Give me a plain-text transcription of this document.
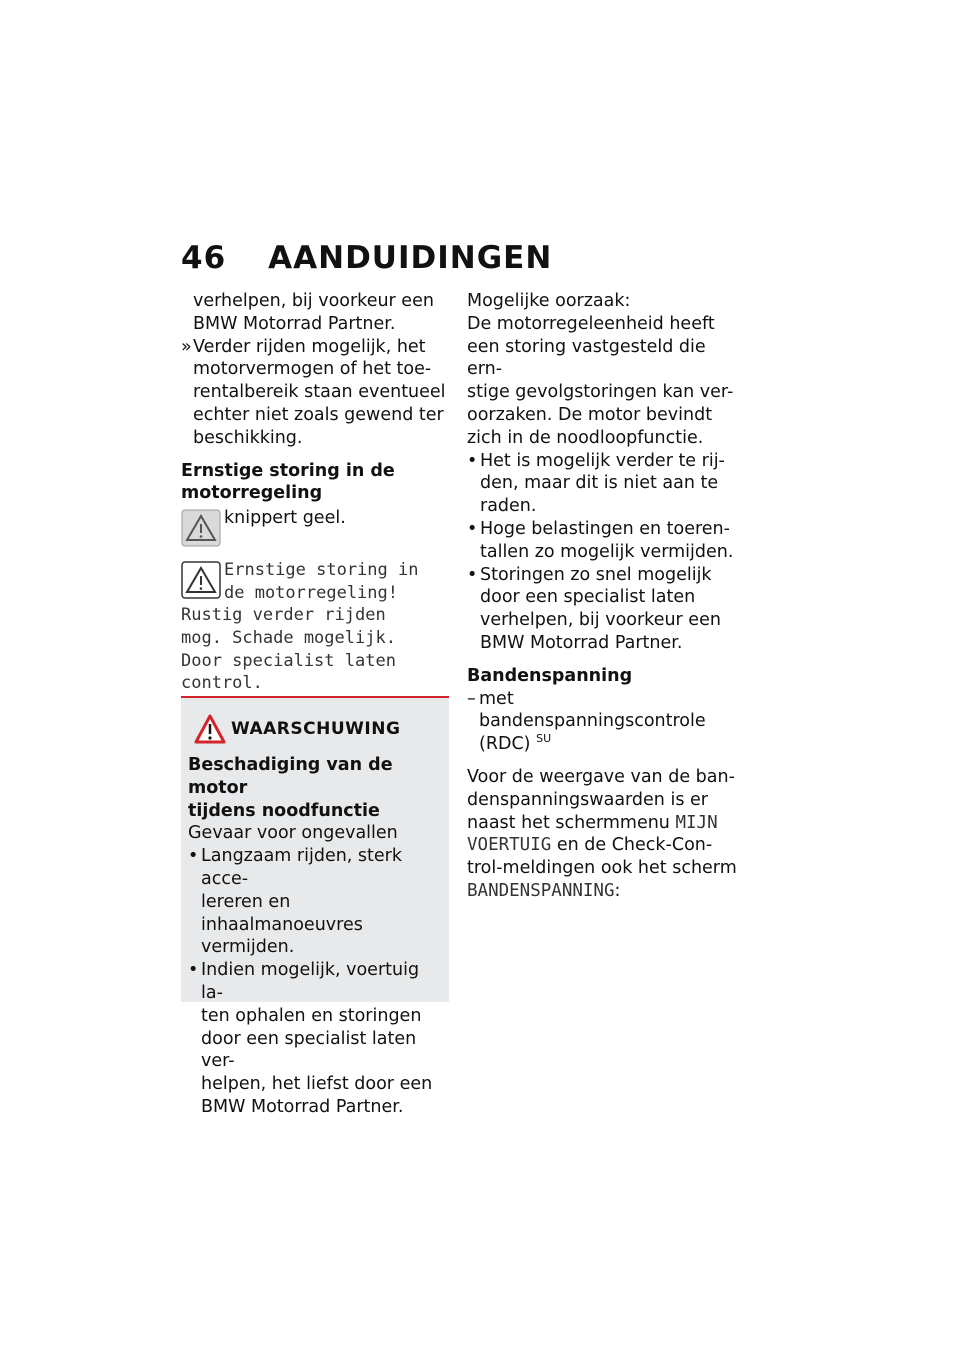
46 AANDUIDINGEN
verhelpen, bij voorkeur een
BMW Motorrad Partner.
» Verder rijden mogelijk, het
motorvermogen of het toe-
rentalbereik staan eventueel
echter niet zoals gewend ter
beschikking.
Ernstige storing in de
motorregeling
knippert geel.
Ernstige storing in
de motorregeling!
Rustig verder rijden
mog. Schade mogelijk.
Door specialist laten
control.
WAARSCHUWING
Beschadiging van de motor
tijdens noodfunctie
Gevaar voor ongevallen
• Langzaam rijden, sterk acce-
lereren en inhaalmanoeuvres
vermijden.
• Indien mogelijk, voertuig la-
ten ophalen en storingen
door een specialist laten ver-
helpen, het liefst door een
BMW Motorrad Partner.
Mogelijke oorzaak:
De motorregeleenheid heeft
een storing vastgesteld die ern-
stige gevolgstoringen kan ver-
oorzaken. De motor bevindt
zich in de noodloopfunctie.
• Het is mogelijk verder te rij-
den, maar dit is niet aan te
raden.
• Hoge belastingen en toeren-
tallen zo mogelijk vermijden.
• Storingen zo snel mogelijk
door een specialist laten
verhelpen, bij voorkeur een
BMW Motorrad Partner.
Bandenspanning
– met bandenspanningscontrole
(RDC) $^{SU}$
Voor de weergave van de ban-
denspanningswaarden is er
naast het schermmenu MIJN
VOERTUIG en de Check-Con-
trol-meldingen ook het scherm
BANDENSPANNING:
